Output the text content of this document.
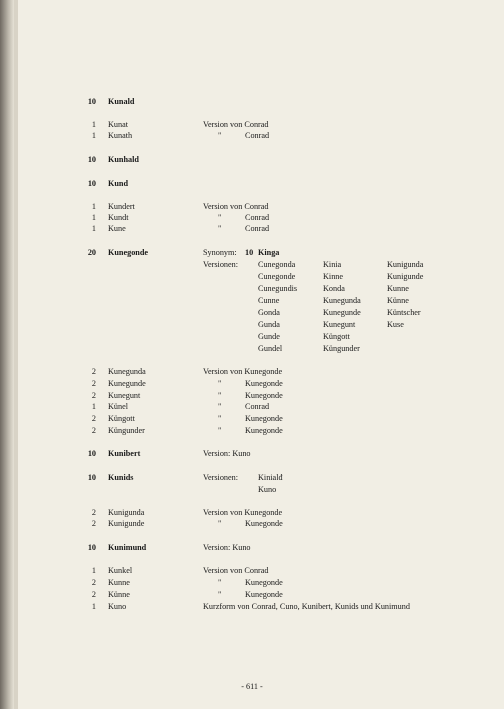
10 Kunald
1 Kunat	Version von Conrad
1 Kunath	"	Conrad
10 Kunhald
10 Kund
1 Kundert	Version von Conrad
1 Kundt	"	Conrad
1 Kune	"	Conrad
20 Kunegonde	Synonym: 10 Kinga
Versionen: Cunegonda	Kinia	Kunigunda
Cunegonde	Kinne	Kunigunde
Cunegundis	Konda	Kunne
Cunne	Kunegunda	Künne
Gonda	Kunegunde	Küntscher
Gunda	Kunegunt	Kuse
Gunde	Küngott
Gundel	Küngunder
2 Kunegunda	Version von Kunegonde
2 Kunegunde	"	Kunegonde
2 Kunegunt	"	Kunegonde
1 Künel	"	Conrad
2 Küngott	"	Kunegonde
2 Küngunder	"	Kunegonde
10 Kunibert	Version: Kuno
10 Kunids	Versionen: Kinialđ
Kuno
2 Kunigunda	Version von Kunegonde
2 Kunigunde	"	Kunegonde
10 Kunimund	Version: Kuno
1 Kunkel	Version von Conrad
2 Kunne	"	Kunegonde
2 Künne	"	Kunegonde
1 Kuno	Kurzform von Conrad, Cuno, Kunibert, Kunids und Kunimund
- 611 -
